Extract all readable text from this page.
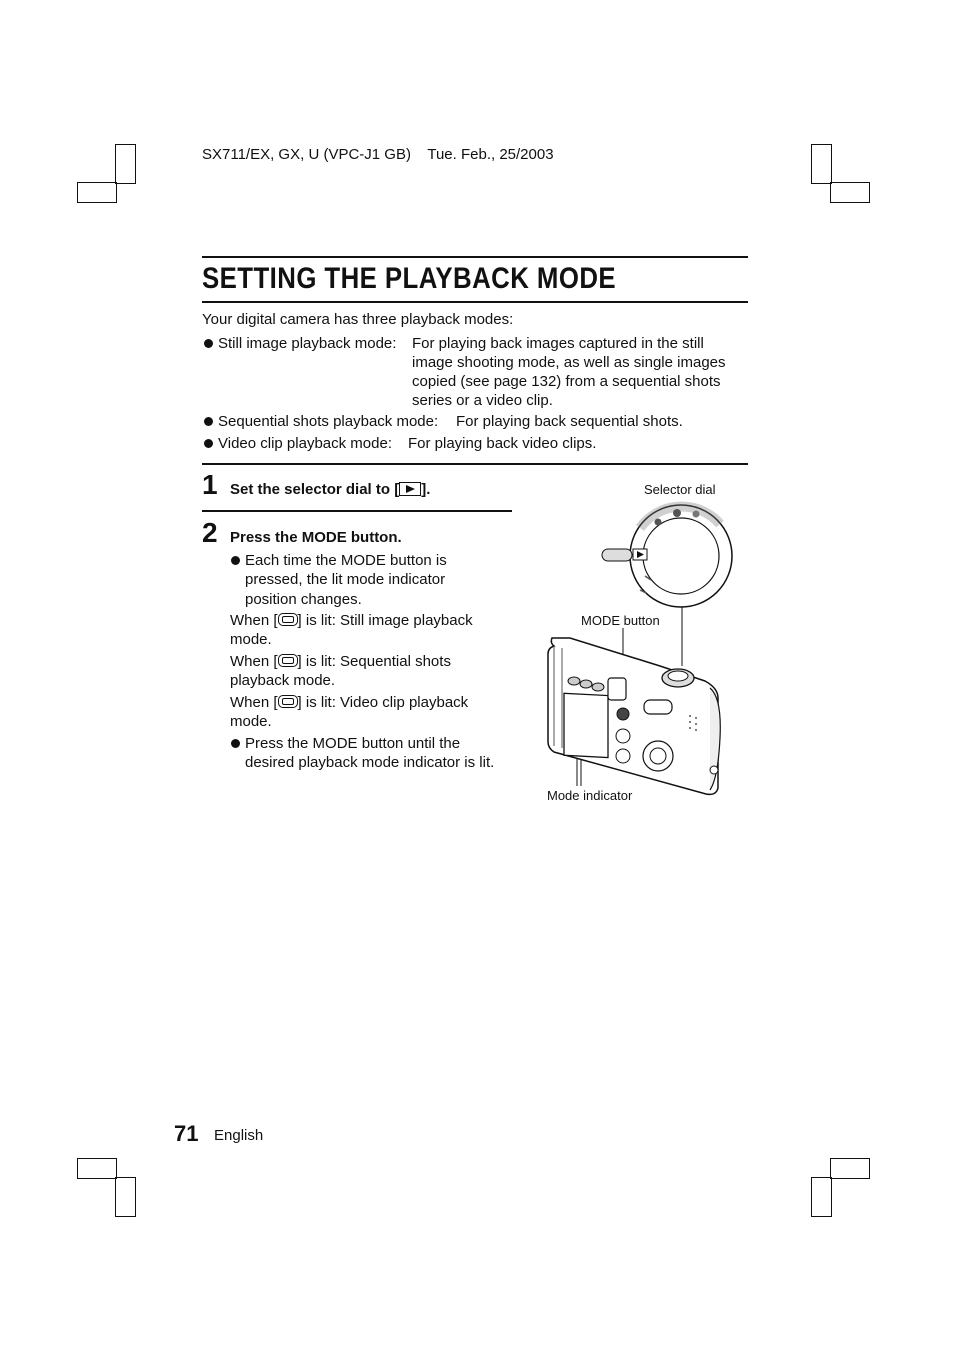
SX711/EX, GX, U (VPC-J1 GB)    Tue. Feb., 25/2003
SETTING THE PLAYBACK MODE
Your digital camera has three playback modes:
Still image playback mode: For playing back images captured in the still
image shooting mode, as well as single images
copied (see page 132) from a sequential shots
series or a video clip.
Sequential shots playback mode: For playing back sequential shots.
Video clip playback mode: For playing back video clips.
1 Set the selector dial to [ ].
2 Press the MODE button.
Each time the MODE button is
pressed, the lit mode indicator
position changes.
When [ ] is lit: Still image playback
mode.
When [ ] is lit: Sequential shots
playback mode.
When [ ] is lit: Video clip playback
mode.
Press the MODE button until the
desired playback mode indicator is lit.
Selector dial
MODE button
Mode indicator
71 English
